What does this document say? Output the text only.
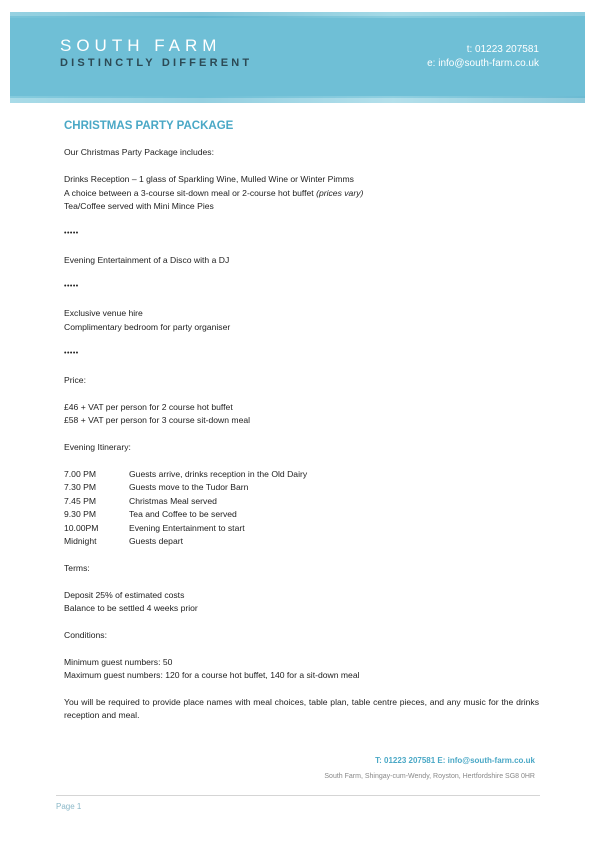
SOUTH FARM
DISTINCTLY DIFFERENT
t: 01223 207581
e: info@south-farm.co.uk
CHRISTMAS PARTY PACKAGE

Our Christmas Party Package includes:

Drinks Reception – 1 glass of Sparkling Wine, Mulled Wine or Winter Pimms

A choice between a 3-course sit-down meal or 2-course hot buffet (prices vary)

Tea/Coffee served with Mini Mince Pies

•••••

Evening Entertainment of a Disco with a DJ

•••••

Exclusive venue hire

Complimentary bedroom for party organiser

•••••

Price:

£46 + VAT per person for 2 course hot buffet

£58 + VAT per person for 3 course sit-down meal

Evening Itinerary:

7.00 PM	Guests arrive, drinks reception in the Old Dairy
7.30 PM	Guests move to the Tudor Barn
7.45 PM	Christmas Meal served
9.30 PM	Tea and Coffee to be served
10.00PM	Evening Entertainment to start
Midnight	Guests depart

Terms:

Deposit 25% of estimated costs

Balance to be settled 4 weeks prior

Conditions:

Minimum guest numbers: 50

Maximum guest numbers: 120 for a course hot buffet, 140 for a sit-down meal

You will be required to provide place names with meal choices, table plan, table centre pieces, and any music for the drinks reception and meal.

T: 01223 207581 E: info@south-farm.co.uk
South Farm, Shingay-cum-Wendy, Royston, Hertfordshire SG8 0HR
Page 1
